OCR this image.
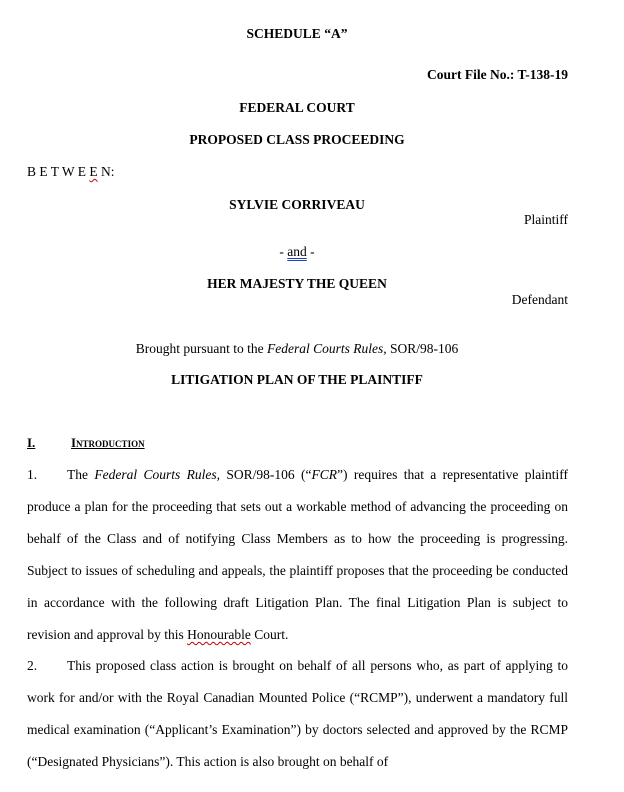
SCHEDULE “A”
Court File No.: T-138-19
FEDERAL COURT
PROPOSED CLASS PROCEEDING
B E T W E E N:
SYLVIE CORRIVEAU
Plaintiff
- and -
HER MAJESTY THE QUEEN
Defendant
Brought pursuant to the Federal Courts Rules, SOR/98-106
LITIGATION PLAN OF THE PLAINTIFF
I.	Introduction
1. The Federal Courts Rules, SOR/98-106 (“FCR”) requires that a representative plaintiff produce a plan for the proceeding that sets out a workable method of advancing the proceeding on behalf of the Class and of notifying Class Members as to how the proceeding is progressing. Subject to issues of scheduling and appeals, the plaintiff proposes that the proceeding be conducted in accordance with the following draft Litigation Plan. The final Litigation Plan is subject to revision and approval by this Honourable Court.
2. This proposed class action is brought on behalf of all persons who, as part of applying to work for and/or with the Royal Canadian Mounted Police (“RCMP”), underwent a mandatory full medical examination (“Applicant’s Examination”) by doctors selected and approved by the RCMP (“Designated Physicians”). This action is also brought on behalf of
